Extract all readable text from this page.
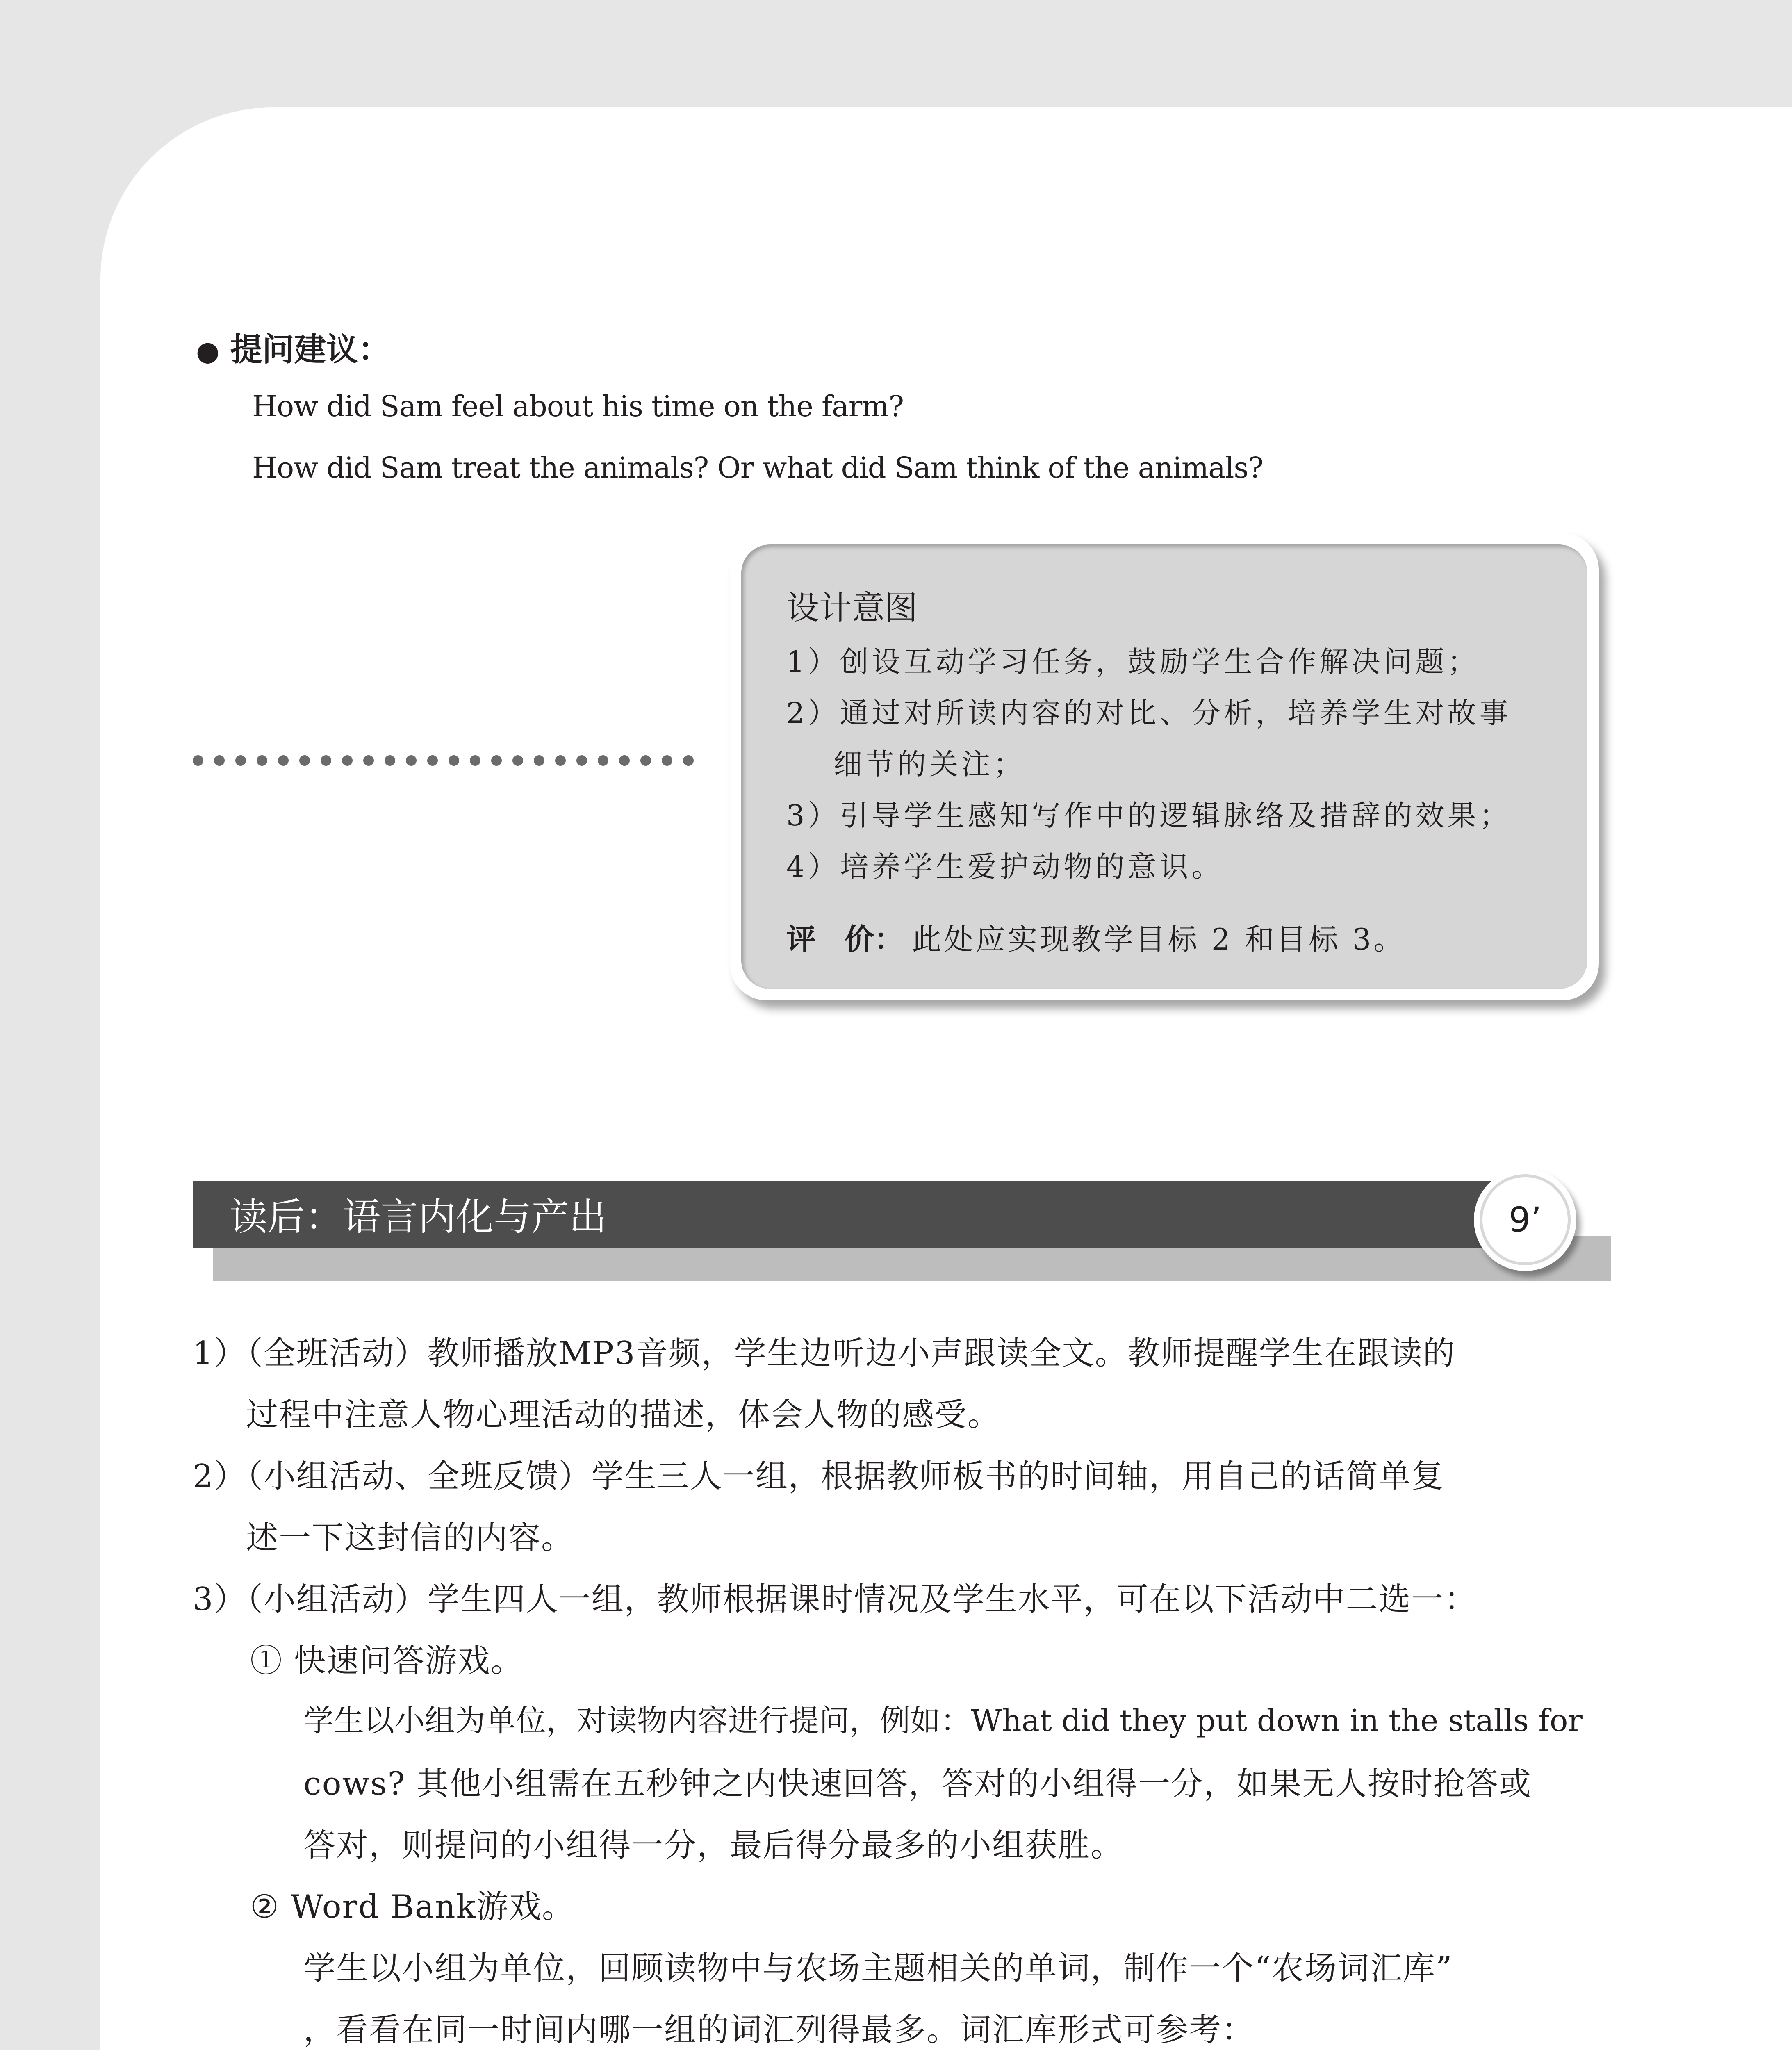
● 提问建议：
How did Sam feel about his time on the farm?
How did Sam treat the animals? Or what did Sam think of the animals?
设计意图
1）创设互动学习任务，鼓励学生合作解决问题；
2）通过对所读内容的对比、分析，培养学生对故事
细节的关注；
3）引导学生感知写作中的逻辑脉络及措辞的效果；
4）培养学生爱护动物的意识。
评 价： 此处应实现教学目标 2 和目标 3。
读后：语言内化与产出	9’
1）（全班活动）教师播放MP3音频，学生边听边小声跟读全文。教师提醒学生在跟读的
过程中注意人物心理活动的描述，体会人物的感受。
2）（小组活动、全班反馈）学生三人一组，根据教师板书的时间轴，用自己的话简单复
述一下这封信的内容。
3）（小组活动）学生四人一组，教师根据课时情况及学生水平，可在以下活动中二选一：
① 快速问答游戏。
学生以小组为单位，对读物内容进行提问，例如：What did they put down in the stalls for
cows? 其他小组需在五秒钟之内快速回答，答对的小组得一分，如果无人按时抢答或
答对，则提问的小组得一分，最后得分最多的小组获胜。
② Word Bank游戏。
学生以小组为单位，回顾读物中与农场主题相关的单词，制作一个“农场词汇库”
，看看在同一时间内哪一组的词汇列得最多。词汇库形式可参考：
